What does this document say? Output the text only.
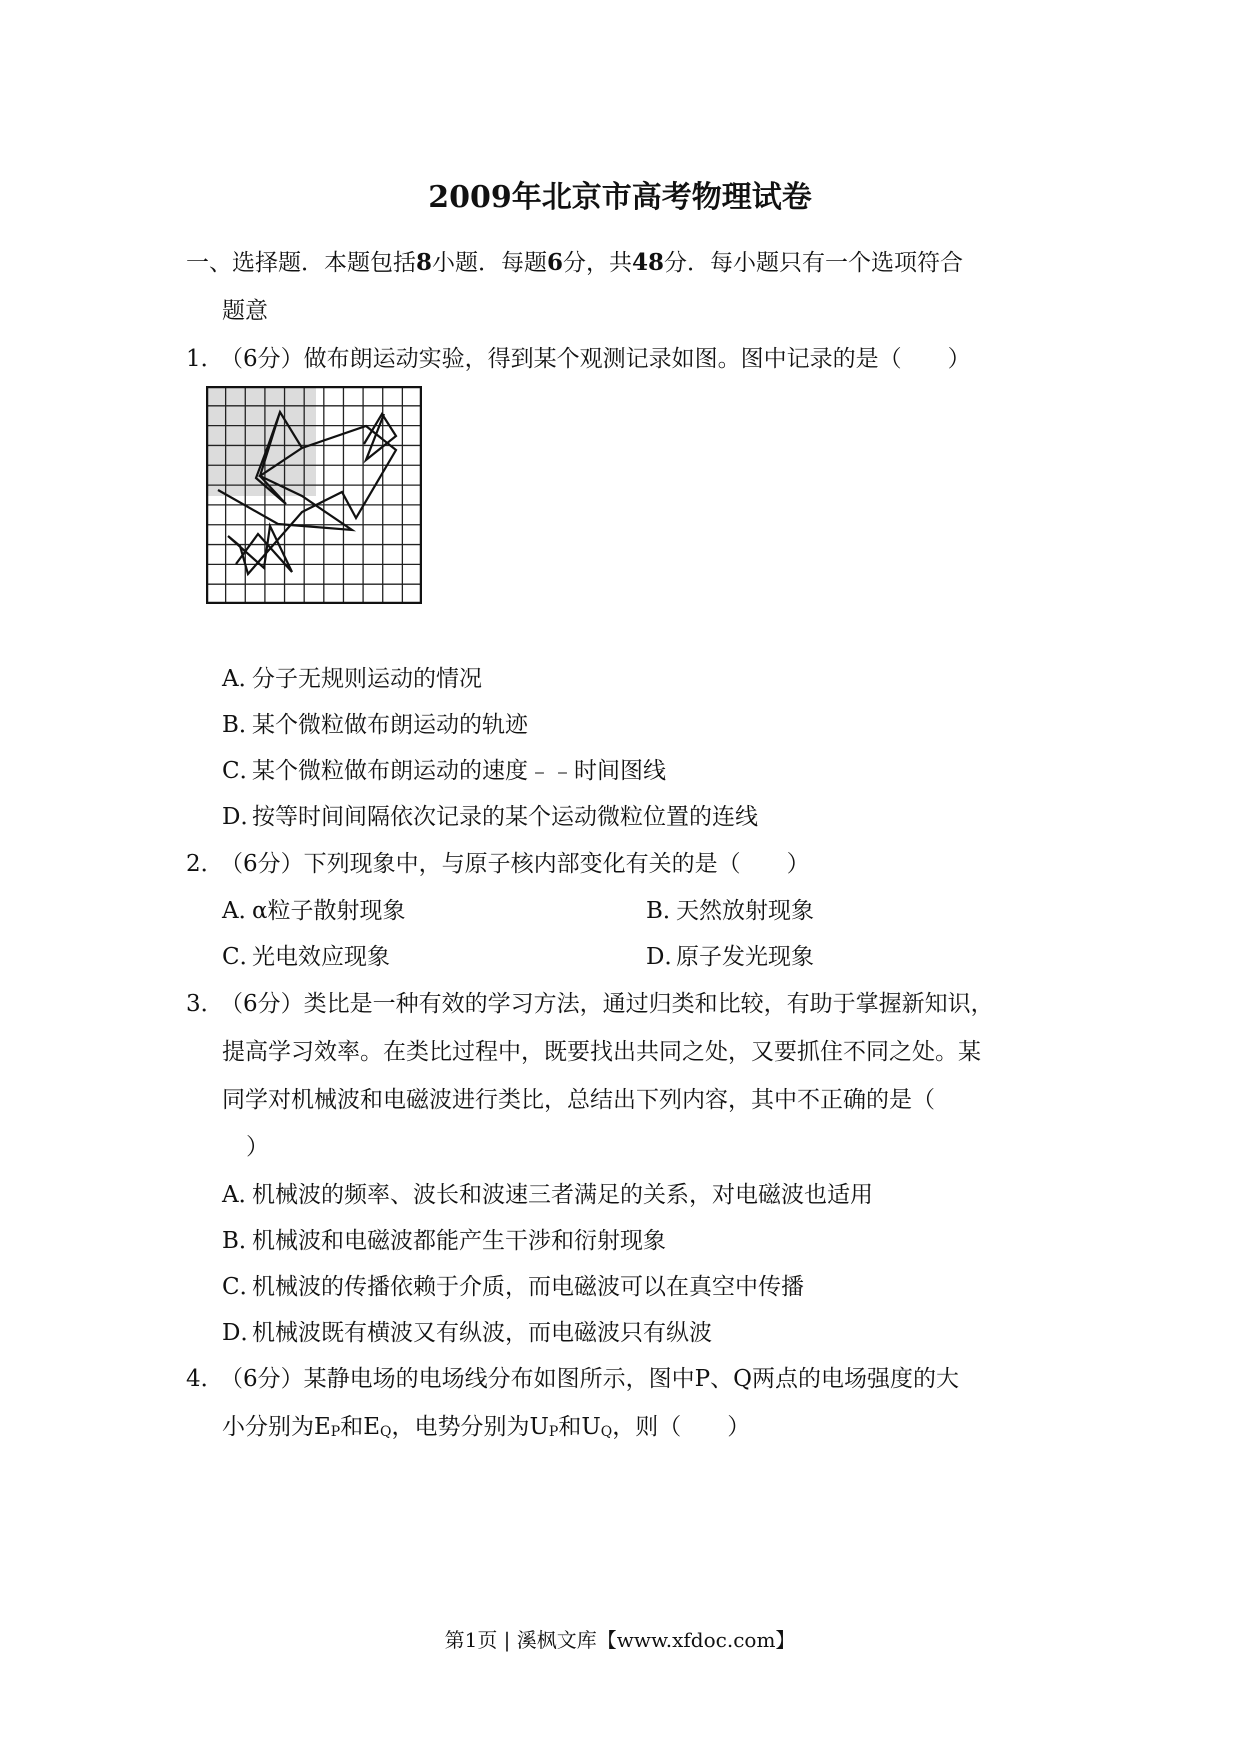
2009年北京市高考物理试卷
一、选择题．本题包括8小题．每题6分，共48分．每小题只有一个选项符合
题意
1．（6分）做布朗运动实验，得到某个观测记录如图。图中记录的是（　　）
A．分子无规则运动的情况
B．某个微粒做布朗运动的轨迹
C．某个微粒做布朗运动的速度﹣﹣时间图线
D．按等时间间隔依次记录的某个运动微粒位置的连线
2．（6分）下列现象中，与原子核内部变化有关的是（　　）
A．α粒子散射现象	B．天然放射现象
C．光电效应现象	D．原子发光现象
3．（6分）类比是一种有效的学习方法，通过归类和比较，有助于掌握新知识，
提高学习效率。在类比过程中，既要找出共同之处，又要抓住不同之处。某
同学对机械波和电磁波进行类比，总结出下列内容，其中不正确的是（
）
A．机械波的频率、波长和波速三者满足的关系，对电磁波也适用
B．机械波和电磁波都能产生干涉和衍射现象
C．机械波的传播依赖于介质，而电磁波可以在真空中传播
D．机械波既有横波又有纵波，而电磁波只有纵波
4．（6分）某静电场的电场线分布如图所示，图中P、Q两点的电场强度的大
小分别为EP和EQ，电势分别为UP和UQ，则（　　）
第1页 | 溪枫文库【www.xfdoc.com】
